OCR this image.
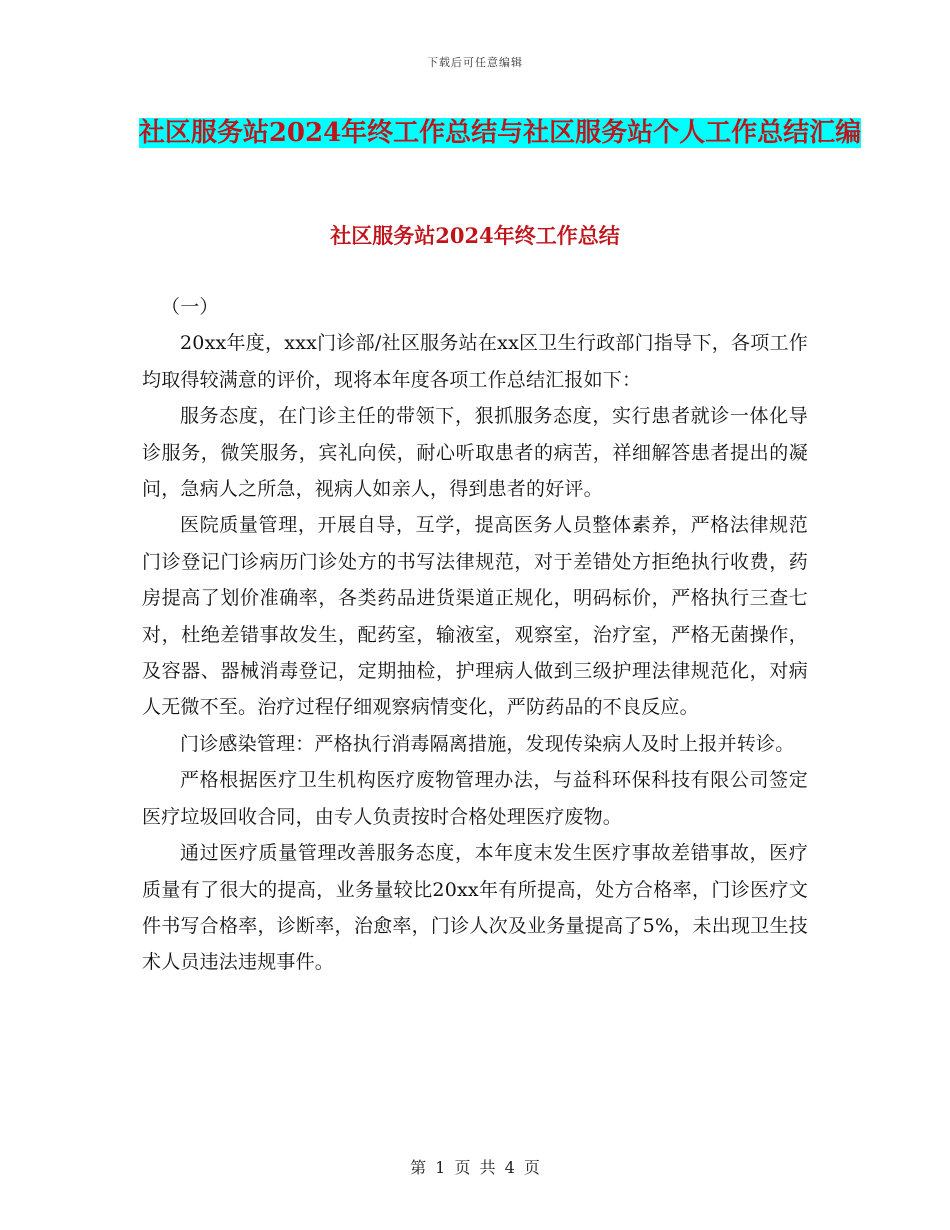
下载后可任意编辑
社区服务站2024年终工作总结与社区服务站个人工作总结汇编
社区服务站2024年终工作总结

（一）

20xx年度，xxx门诊部/社区服务站在xx区卫生行政部门指导下，各项工作均取得较满意的评价，现将本年度各项工作总结汇报如下：

服务态度，在门诊主任的带领下，狠抓服务态度，实行患者就诊一体化导诊服务，微笑服务，宾礼向侯，耐心听取患者的病苦，祥细解答患者提出的凝问，急病人之所急，视病人如亲人，得到患者的好评。

医院质量管理，开展自导，互学，提高医务人员整体素养，严格法律规范门诊登记门诊病历门诊处方的书写法律规范，对于差错处方拒绝执行收费，药房提高了划价准确率，各类药品进货渠道正规化，明码标价，严格执行三查七对，杜绝差错事故发生，配药室，输液室，观察室，治疗室，严格无菌操作，及容器、器械消毒登记，定期抽检，护理病人做到三级护理法律规范化，对病人无微不至。治疗过程仔细观察病情变化，严防药品的不良反应。

门诊感染管理：严格执行消毒隔离措施，发现传染病人及时上报并转诊。

严格根据医疗卫生机构医疗废物管理办法，与益科环保科技有限公司签定医疗垃圾回收合同，由专人负责按时合格处理医疗废物。

通过医疗质量管理改善服务态度，本年度末发生医疗事故差错事故，医疗质量有了很大的提高，业务量较比20xx年有所提高，处方合格率，门诊医疗文件书写合格率，诊断率，治愈率，门诊人次及业务量提高了5%，未出现卫生技术人员违法违规事件。

第 1 页 共 4 页
